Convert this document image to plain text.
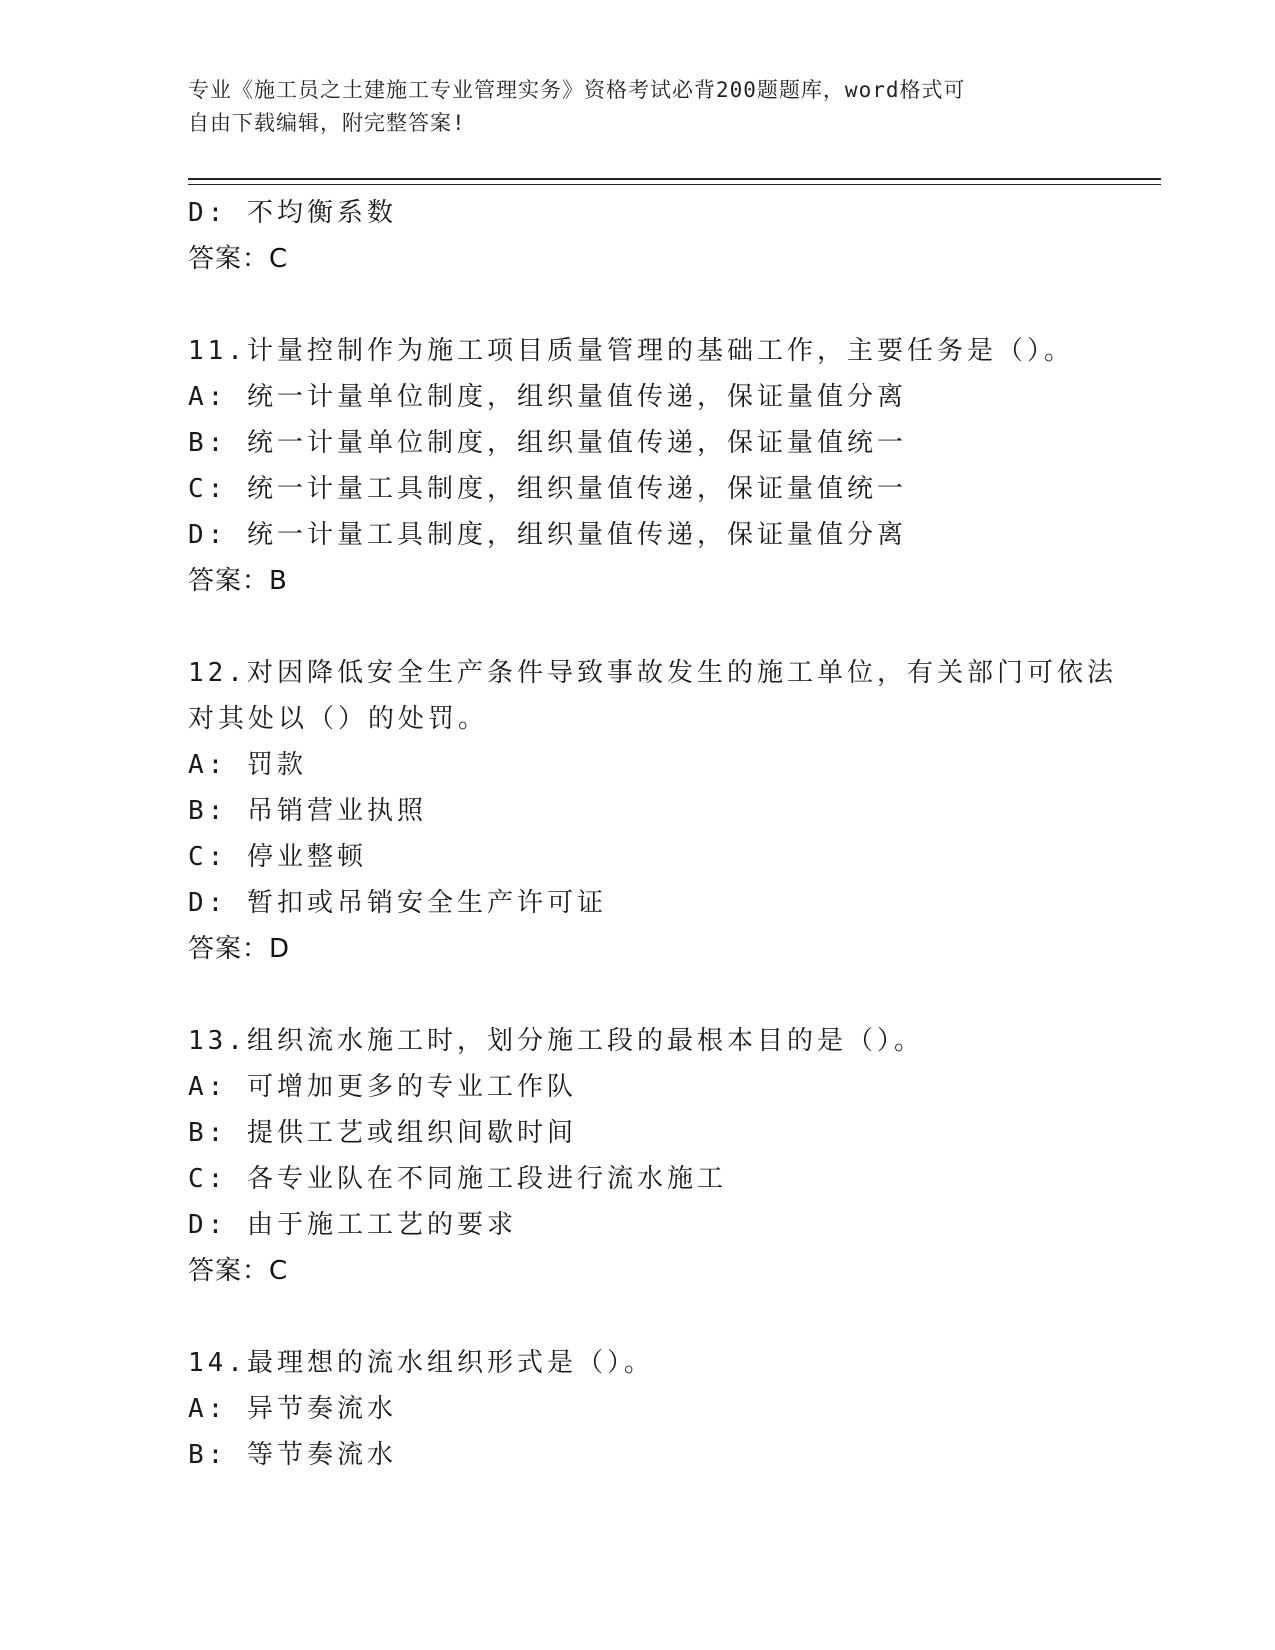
专业《施工员之土建施工专业管理实务》资格考试必背200题题库，word格式可
自由下载编辑，附完整答案!
D: 不均衡系数
答案：C
11.计量控制作为施工项目质量管理的基础工作，主要任务是（）。
A: 统一计量单位制度，组织量值传递，保证量值分离
B: 统一计量单位制度，组织量值传递，保证量值统一
C: 统一计量工具制度，组织量值传递，保证量值统一
D: 统一计量工具制度，组织量值传递，保证量值分离
答案：B
12.对因降低安全生产条件导致事故发生的施工单位，有关部门可依法
对其处以（）的处罚。
A: 罚款
B: 吊销营业执照
C: 停业整顿
D: 暂扣或吊销安全生产许可证
答案：D
13.组织流水施工时，划分施工段的最根本目的是（）。
A: 可增加更多的专业工作队
B: 提供工艺或组织间歇时间
C: 各专业队在不同施工段进行流水施工
D: 由于施工工艺的要求
答案：C
14.最理想的流水组织形式是（）。
A: 异节奏流水
B: 等节奏流水
